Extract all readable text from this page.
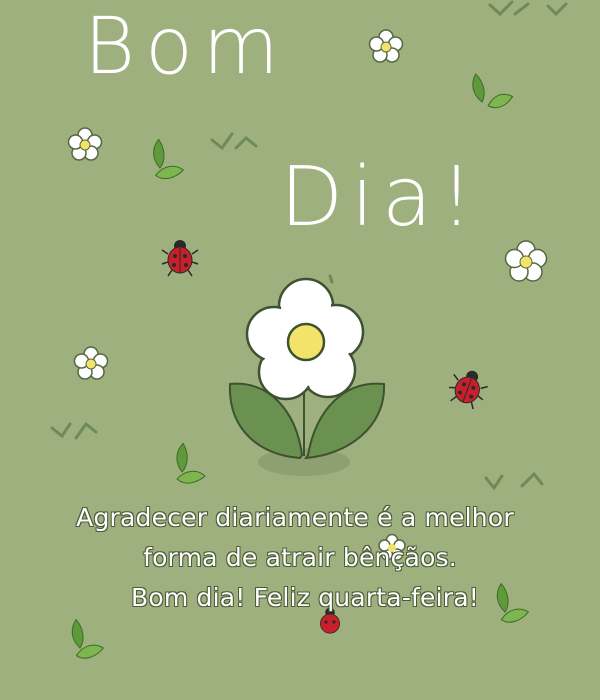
Bom
Dia!
Agradecer diariamente é a melhor
forma de atrair bênçãos.
Bom dia! Feliz quarta-feira!
